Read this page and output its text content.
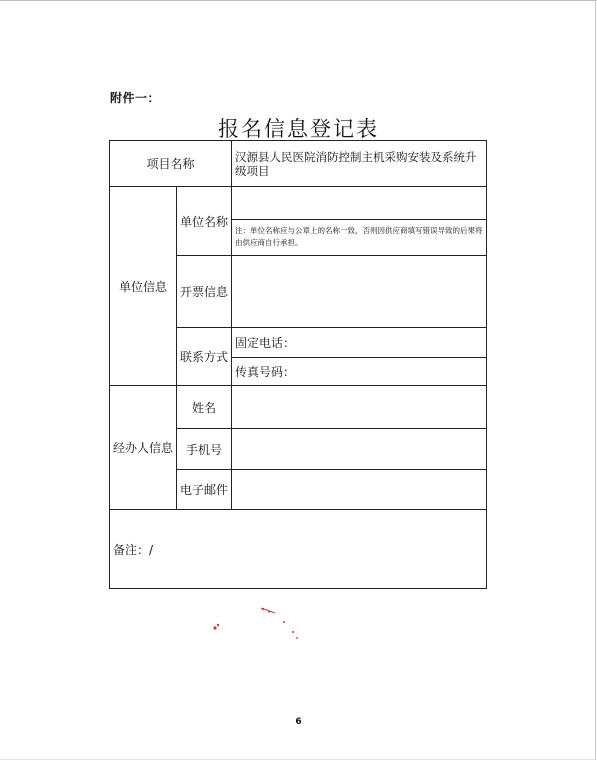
附件一：
报名信息登记表
项目名称
汉源县人民医院消防控制主机采购安装及系统升级项目
单位信息
单位名称
注：单位名称应与公章上的名称一致，否则因供应商填写错误导致的后果将由供应商自行承担。
开票信息
联系方式
固定电话：
传真号码：
经办人信息
姓名
手机号
电子邮件
备注：/
6
